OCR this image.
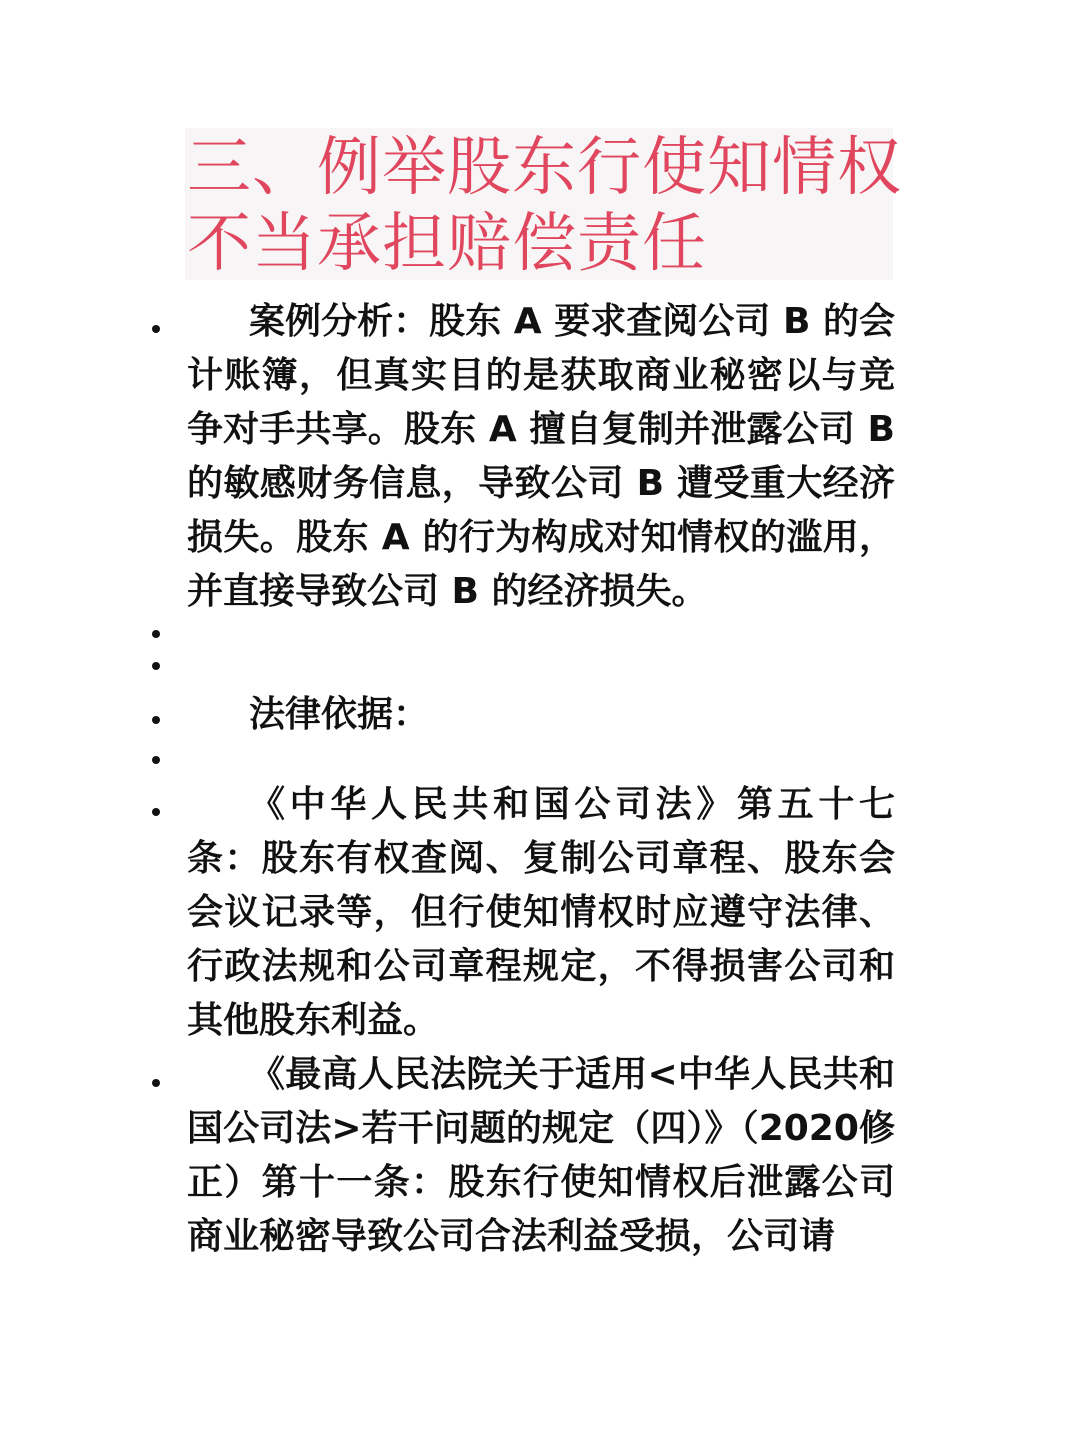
三、例举股东行使知情权
不当承担赔偿责任
案例分析：股东 A 要求查阅公司 B 的会计账簿，但真实目的是获取商业秘密以与竞争对手共享。股东 A 擅自复制并泄露公司 B 的敏感财务信息，导致公司 B 遭受重大经济损失。股东 A 的行为构成对知情权的滥用，并直接导致公司 B 的经济损失。
法律依据：
《中华人民共和国公司法》第五十七条：股东有权查阅、复制公司章程、股东会会议记录等，但行使知情权时应遵守法律、行政法规和公司章程规定，不得损害公司和其他股东利益。
《最高人民法院关于适用<中华人民共和国公司法>若干问题的规定（四）》（2020修正）第十一条：股东行使知情权后泄露公司商业秘密导致公司合法利益受损，公司请
